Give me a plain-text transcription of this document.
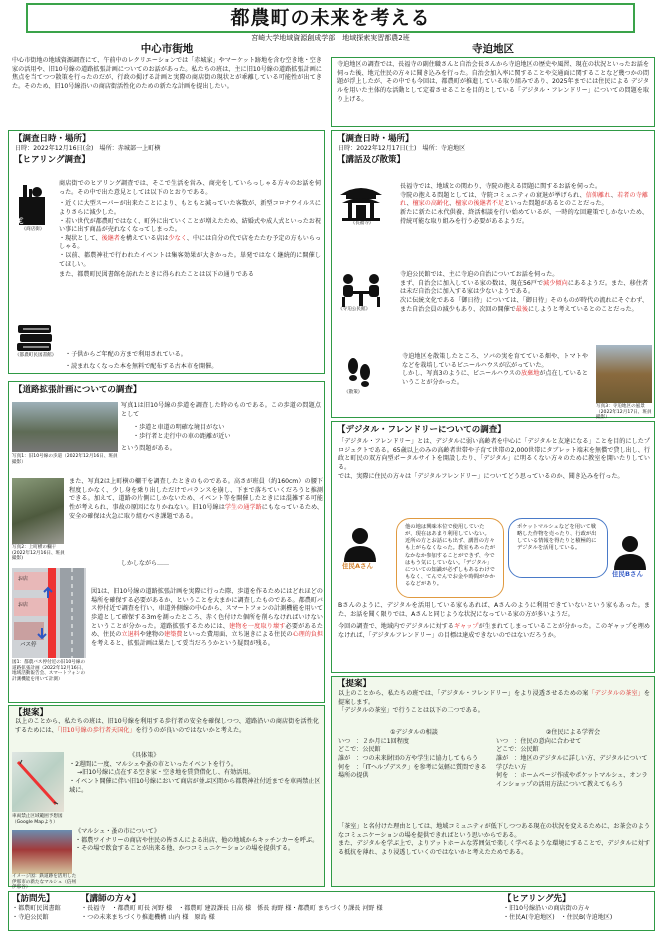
都農町の未来を考える
宮崎大学地域資源創成学部　地域探索実習都農2班
中心市街地
中心市街地の地域資源調査にて、午前中のレクリエーションでは「赤城家」やマーケット跡地を含む空き地・空き家の活用や、旧10号線の道路拡張計画についてのお話があった。私たちの班は、主に旧10号線の道路拡張計画に焦点を当てつつ散策を行ったのだが、行政の掲げる計画と実際の商店街の現状とが乖離している可能性が出てきた。そのため、旧10号線沿いの商店街活性化のための新たな計画を提出したい。
【調査日時・場所】
日時：2022年12月16日(金)　場所：赤城部一上町横
【ヒアリング調査】
€
《商店街》
商店街でのヒアリング調査では、そこで生活を営み、商売をしていらっしゃる方々のお話を伺った。その中で出た意見としては以下のとおりである。
・近くに大型スーパーが出来たことにより、もともと減っていた客数が、新型コロナウイルスによりさらに減少した。
・若い世代が都農町ではなく、町外に出ていくことが増えたため、結婚式や成人式といったお祝い事に出す商品が売れなくなってしまった。
・現状として、後継者を構えている店は少なく、中には自分の代で店をたたむ予定の方もいらっしゃる。
・以前、都農神社で行われたイベントは集客効果が大きかった。単発ではなく継続的に開催してほしい。
また、都農町民図書館を訪れたときに得られたことは以下の通りである
《都農町民図書館》 ・子供からご年配の方まで利用されている。
・読まれなくなった本を無料で配布する古本市を開催。
【道路拡張計画についての調査】
写真1：旧10号線の歩道（2022年12月16日、班員撮影）
写真1は旧10号線の歩道を調査した時のものである。この歩道の問題点として
・歩道と車道の明確な境目がない
・歩行者と走行中の車の距離が近い
という問題がある。
写真2：上町横の欄干(2022年12月16日、班員撮影)
また、写真2は上町横の欄干を調査したときのものである。高さが班員（約160cm）の腰下程度しかなく、少し身を乗り出しただけでバランスを崩し、下まで落ちていくだろうと推測できる。加えて、道路の片側にしかないため、イベント等を開催したときには混雑する可能性が考えられ、事故の原因になりかねない。旧10号線は学生の通学路にもなっているため、安全の確保は火急に取り組むべき課題である。
しかしながら……
お店
お店
バス停
図1：都農バス停付近の旧10号線の道路拡張計画（2022年12月16日、地域活動報告会、スマートフォンの計測機能を用いて計測）
図1は、旧10号線の道路拡張計画を実際に行った際、歩道を作るためにはどれほどの場所を確保する必要があるか、ということを大まかに調査したものである。都農町バス停付近で調査を行い、車道外側線の中心から、スマートフォンの計測機能を用いて歩道として確保する3mを測ったところ、赤く色付けた個所を削らなければいけないということが分かった。道路拡張するためには、建物を一度取り壊す必要があるため、住民の立退料や建物の建築費といった費用面、立ち退きによる住民の心理的負担を考えると、拡張計画は果たして妥当だろうかという疑問が残る。
【提案】
以上のことから、私たちの班は、旧10号線を利用する歩行者の安全を確保しつつ、道路沿いの商店街を活性化するためには、「旧10号線の歩行者天国化」を行うのが良いのではないかと考えた。
車両禁止区域範囲予想図（Google Mapより）
《具体策》
・2週間に一度、マルシェや蚤の市といったイベントを行う。
→旧10号線に点在する空き家・空き地を賃貸借化し、有効活用。
・イベント開催に伴い旧10号線において商店が並ぶ区間から都農神社付近までを車両禁止区域に。
イメージ図：鉄道跡を活用した伊那市の新たなマルシェ（信州 伊那谷）
《マルシェ・蚤の市について》
・都農ワイナリーの商店や住民の皆さんによる出店、他の地域からキッチンカーを呼ぶ。
・その場で飲食することが出来る他、かつコミュニケーションの場を提供する。
寺迫地区
寺迫地区の調査では、長福寺の副住職さんと自治会長さんから寺迫地区の歴史や風習、現在の状況といったお話を伺った後、地元住民の方々に聞き込みを行った。自治会加入率に関することや交通面に関することなど幾つかの問題が浮上したが、その中でも今回は、都農町が推進している取り組みであり、2025年までには住民による デジタルを用いた主体的な活動として定着させることを目的としている「デジタル・フレンドリー」についての問題を取り上げる。
【調査日時・場所】
日時：2022年12月17日(土)　場所：寺迫地区
【講話及び散策】
《長福寺》
長福寺では、地域との関わり、寺院の抱える問題に関するお話を伺った。
寺院の抱える問題としては、寺院コミュニティの衰退が挙げられ、信仰離れ、若者の寺離れ、檀家の高齢化、檀家の後継者不足といった問題があるとのことだった。
新たに新たに永代供養、終活相談を行い始めているが、一時的な回避策でしかないため、持続可能な取り組みを行う必要があるようだ。
《寺迫公民館》
寺迫公民館では、主に寺迫の自治についてお話を伺った。
まず、自治会に加入している家の数は、現在56戸で減少傾向にあるようだ。また、移住者は未だ自治会に加入する家は少ないようである。
次に伝統文化である「御日待」については、「御日待」そのものが時代の流れにそぐわず、また自治会員の減少もあり、次回の開催で最後にしようと考えているとのことだった。
《散策》
寺迫地区を散策したところ、ソバの実を育てている畑や、トマトやなどを栽培しているビニールハウスが広がっていた。
しかし、写真3のように、ビニールハウスの放棄地が点在しているということが分かった。
写真3：寺迫地区の風景（2022年12月17日、班員撮影）
【デジタル・フレンドリーについての調査】
「デジタル・フレンドリー」とは、デジタルに弱い高齢者を中心に「デジタルと友達になる」ことを目的にしたプロジェクトである。65歳以上のみの高齢者世帯や子育て世帯の2,000世帯にタブレット端末を無償で貸し出し、行政と町民の双方向型ポータルサイトを開設したり、「デジタル」に明るくない方々のために教室を開いたりしている。
では、実際に住民の方々は「デジタルフレンドリー」についてどう思っているのか、聞き込みを行った。
住民Aさん
他の地は興味本位で使用していたが、現在はあまり利用していない。近所の方とお話にも出ず、講習の方々も上がらなくなった。教室もあったがなかなか参加することができず、今ではもう気にしていない。「デジタル」についての知識が必ずしもあるわけでもなく、てんでんでお金や時間がかかるなどがあり。
ポケットマルシェなどを用いて戦略した作物を売ったり、行政が出している情報を得たりと積極的にデジタルを活用している。
住民Bさん
Bさんのように、デジタルを活用している家もあれば、Aさんのように利用できていないという家もあった。また、お話を聞く限りでは、Aさんと同じような状況になっている家の方が多いようだ。
今回の調査で、地域内でデジタルに対するギャップが生まれてしまっていることが分かった。このギャップを埋めなければ、「デジタルフレンドリー」の目標は達成できないのではないだろうか。
【提案】
以上のことから、私たちの班では、「デジタル・フレンドリー」をより浸透させるための案「デジタルの茶室」を提案します。
「デジタルの茶室」で行うことは以下の二つである。
①デジタルの相談
いつ　：２か月に1回程度
どこで：公民館
誰が　：つの未来財団の方や学生に協力してもらう
何を　：「ITヘルプデスク」を参考に気軽に質問できる場所の提供
②住民による学習会
いつ　：住民の意向に合わせて
どこで：公民館
誰が　：地区のデジタルに詳しい方、デジタルについて学びたい方
何を　：ホームページ作成やポケットマルシェ、オンラインショップの活用方法について教えてもらう
「茶室」と名付けた理由としては、地域コミュニティが低下しつつある現在の状況を変えるために、お茶会のようなコミュニケーションの場を提供できればという思いからである。
また、デジタルを学ぶ上で、よりアットホームな雰囲気で楽しく学べるような環境にすることで、デジタルに対する抵抗を薄れ、より浸透していくのではないかと考えたためである。
【訪問先】
・都農町民図書館
・寺迫公民館
【講師の方々】
・長福寺　・都農町 町長 河野 様　・都農町 建設課長 日高 様　係長 海野 様・都農町 まちづくり課長 河野 様
・つの未来まちづくり推進機構 山内 様　原島 様
【ヒアリング先】
・旧10号線沿いの商店街の方々
・住民A(寺迫地区)　・住民B(寺迫地区)
